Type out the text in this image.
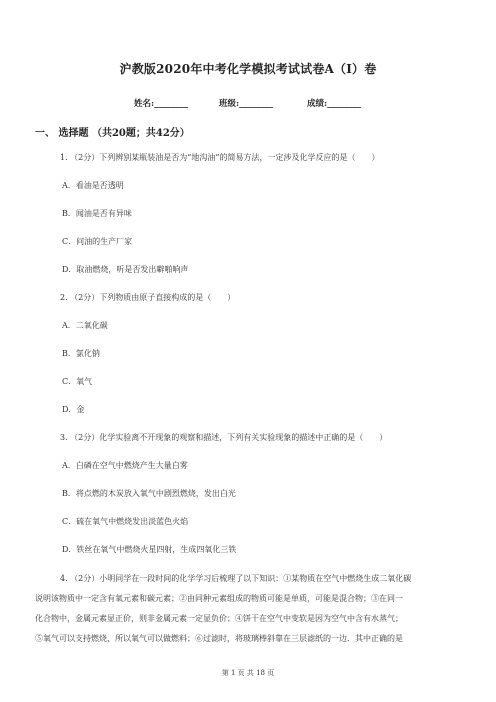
沪教版2020年中考化学模拟考试试卷A（I）卷
姓名:________	班级:________	成绩:________
一、 选择题 （共20题；共42分）
1. （2分）下列辨别某瓶装油是否为“地沟油”的简易方法，一定涉及化学反应的是（　　）
A．看油是否透明
B．闻油是否有异味
C．问油的生产厂家
D．取油燃烧，听是否发出噼啪响声
2. （2分）下列物质由原子直接构成的是（　　）
A．二氧化碳
B．氯化钠
C．氧气
D．金
3. （2分）化学实验离不开现象的观察和描述，下列有关实验现象的描述中正确的是（　　）
A．白磷在空气中燃烧产生大量白雾
B．将点燃的木炭放入氧气中剧烈燃烧，发出白光
C．硫在氧气中燃烧发出淡蓝色火焰
D．铁丝在氧气中燃烧火星四射，生成四氧化三铁
4. （2分）小明同学在一段时间的化学学习后梳理了以下知识：①某物质在空气中燃烧生成二氧化碳
说明该物质中一定含有氧元素和碳元素；②由同种元素组成的物质可能是单质，可能是混合物；③在同一
化合物中，金属元素显正价，则非金属元素一定显负价；④饼干在空气中变软是因为空气中含有水蒸气；
⑤氧气可以支持燃烧，所以氧气可以做燃料；⑥过滤时，将玻璃棒斜靠在三层滤纸的一边．其中正确的是
第 1 页 共 18 页
